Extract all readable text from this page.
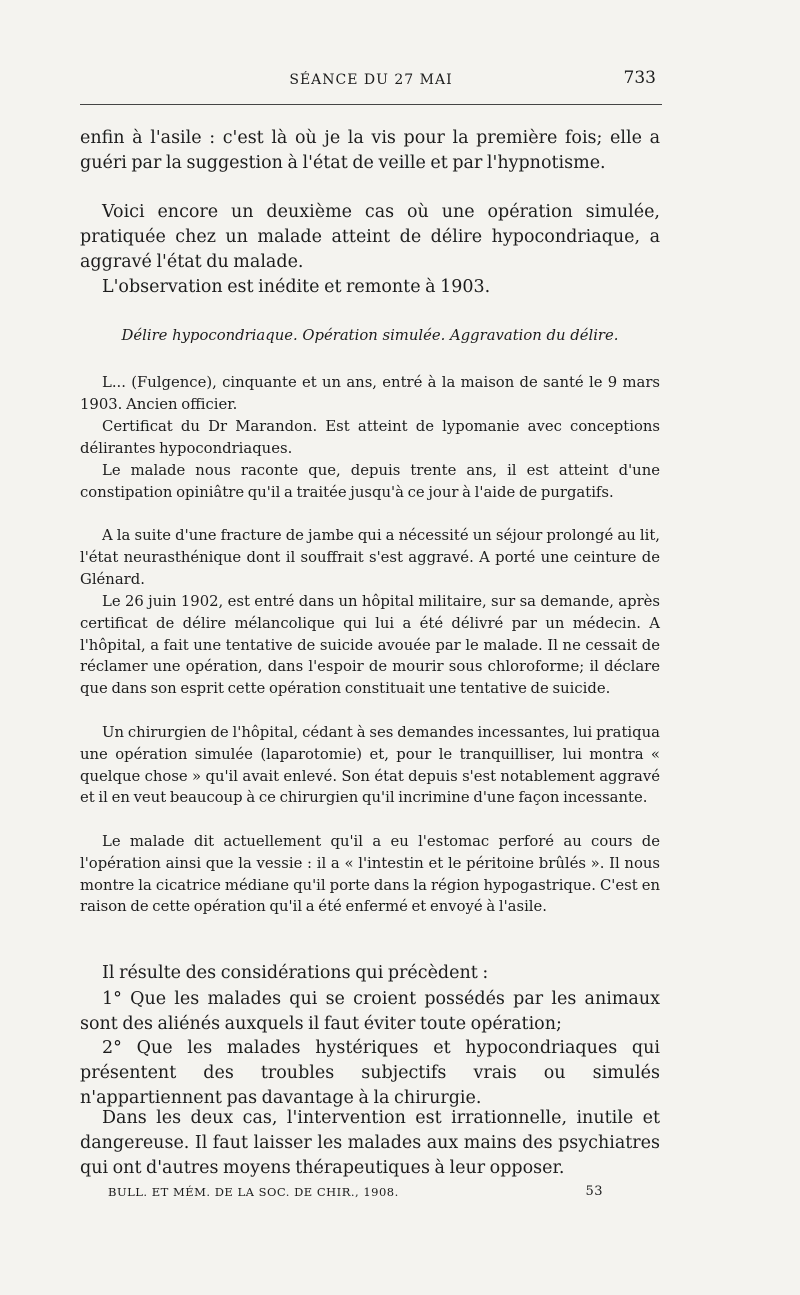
SÉANCE DU 27 MAI	733

enfin à l'asile : c'est là où je la vis pour la première fois; elle a guéri par la suggestion à l'état de veille et par l'hypnotisme.

Voici encore un deuxième cas où une opération simulée, pratiquée chez un malade atteint de délire hypocondriaque, a aggravé l'état du malade.

L'observation est inédite et remonte à 1903.

Délire hypocondriaque. Opération simulée. Aggravation du délire.

L... (Fulgence), cinquante et un ans, entré à la maison de santé le 9 mars 1903. Ancien officier.

Certificat du Dr Marandon. Est atteint de lypomanie avec conceptions délirantes hypocondriaques.

Le malade nous raconte que, depuis trente ans, il est atteint d'une constipation opiniâtre qu'il a traitée jusqu'à ce jour à l'aide de purgatifs.

A la suite d'une fracture de jambe qui a nécessité un séjour prolongé au lit, l'état neurasthénique dont il souffrait s'est aggravé. A porté une ceinture de Glénard.

Le 26 juin 1902, est entré dans un hôpital militaire, sur sa demande, après certificat de délire mélancolique qui lui a été délivré par un médecin. A l'hôpital, a fait une tentative de suicide avouée par le malade. Il ne cessait de réclamer une opération, dans l'espoir de mourir sous chloroforme; il déclare que dans son esprit cette opération constituait une tentative de suicide.

Un chirurgien de l'hôpital, cédant à ses demandes incessantes, lui pratiqua une opération simulée (laparotomie) et, pour le tranquilliser, lui montra « quelque chose » qu'il avait enlevé. Son état depuis s'est notablement aggravé et il en veut beaucoup à ce chirurgien qu'il incrimine d'une façon incessante.

Le malade dit actuellement qu'il a eu l'estomac perforé au cours de l'opération ainsi que la vessie : il a « l'intestin et le péritoine brûlés ». Il nous montre la cicatrice médiane qu'il porte dans la région hypogastrique. C'est en raison de cette opération qu'il a été enfermé et envoyé à l'asile.

Il résulte des considérations qui précèdent :

1° Que les malades qui se croient possédés par les animaux sont des aliénés auxquels il faut éviter toute opération;

2° Que les malades hystériques et hypocondriaques qui présentent des troubles subjectifs vrais ou simulés n'appartiennent pas davantage à la chirurgie.

Dans les deux cas, l'intervention est irrationnelle, inutile et dangereuse. Il faut laisser les malades aux mains des psychiatres qui ont d'autres moyens thérapeutiques à leur opposer.

BULL. ET MÉM. DE LA SOC. DE CHIR., 1908.	53
